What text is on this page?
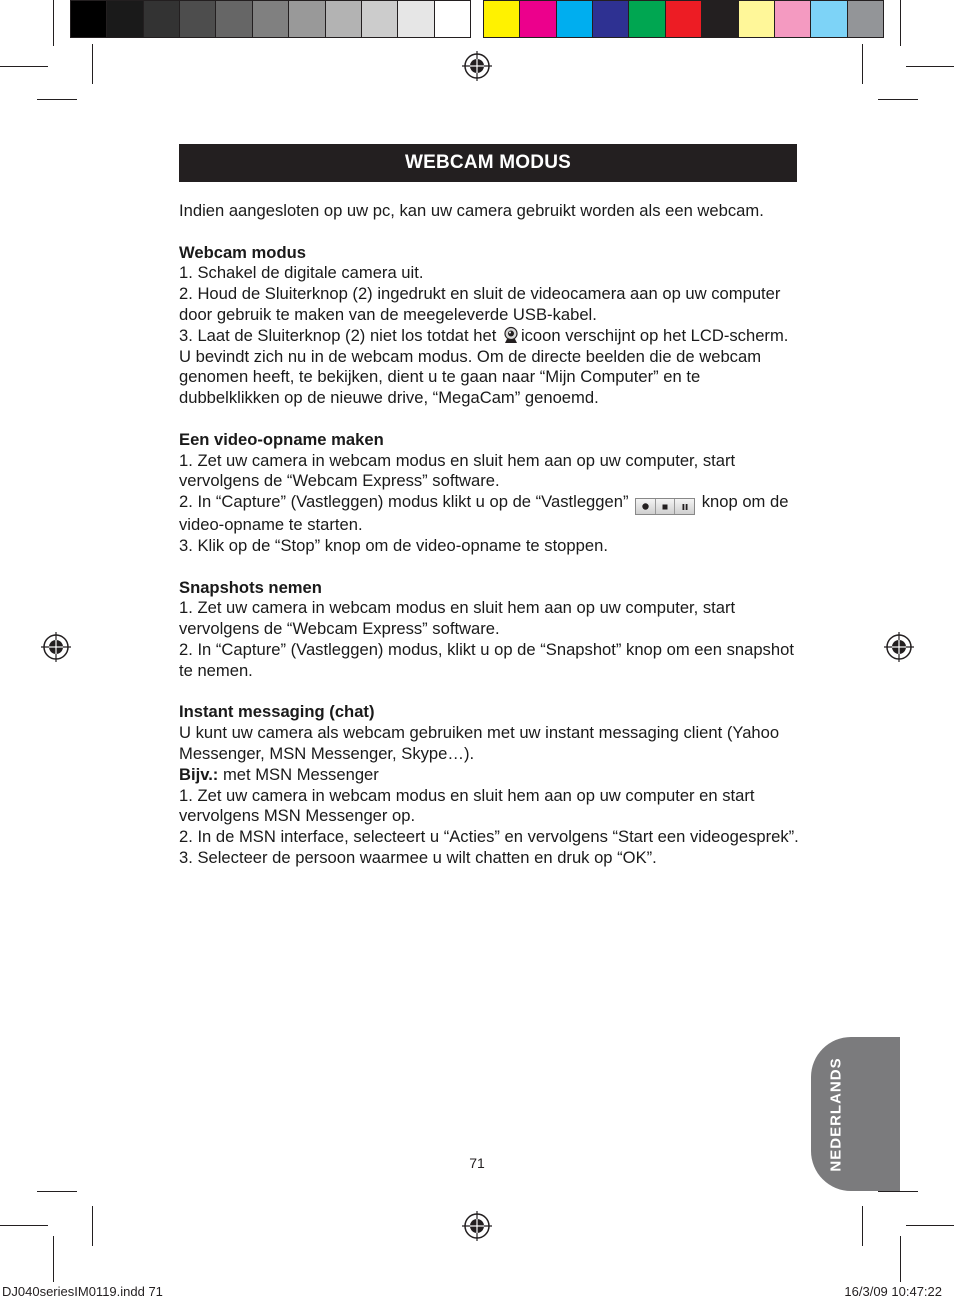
WEBCAM MODUS

Indien aangesloten op uw pc, kan uw camera gebruikt worden als een webcam.

Webcam modus

1. Schakel de digitale camera uit.

2. Houd de Sluiterknop (2) ingedrukt en sluit de videocamera aan op uw computer door gebruik te maken van de meegeleverde USB-kabel.

3. Laat de Sluiterknop (2) niet los totdat het icoon verschijnt op het LCD-scherm. U bevindt zich nu in de webcam modus. Om de directe beelden die de webcam genomen heeft, te bekijken, dient u te gaan naar “Mijn Computer” en te dubbelklikken op de nieuwe drive, “MegaCam” genoemd.

Een video-opname maken

1. Zet uw camera in webcam modus en sluit hem aan op uw computer, start vervolgens de “Webcam Express” software.

2. In “Capture” (Vastleggen) modus klikt u op de “Vastleggen”	knop om de video-opname te starten.

3. Klik op de “Stop” knop om de video-opname te stoppen.

Snapshots nemen

1. Zet uw camera in webcam modus en sluit hem aan op uw computer, start vervolgens de “Webcam Express” software.

2. In “Capture” (Vastleggen) modus, klikt u op de “Snapshot” knop om een snapshot te nemen.

Instant messaging (chat)

U kunt uw camera als webcam gebruiken met uw instant messaging client (Yahoo Messenger, MSN Messenger, Skype…).

Bijv.: met MSN Messenger

1. Zet uw camera in webcam modus en sluit hem aan op uw computer en start vervolgens MSN Messenger op.

2. In de MSN interface, selecteert u “Acties” en vervolgens “Start een videogesprek”.

3. Selecteer de persoon waarmee u wilt chatten en druk op “OK”.

NEDERLANDS
71
DJ040seriesIM0119.indd 71	16/3/09 10:47:22
